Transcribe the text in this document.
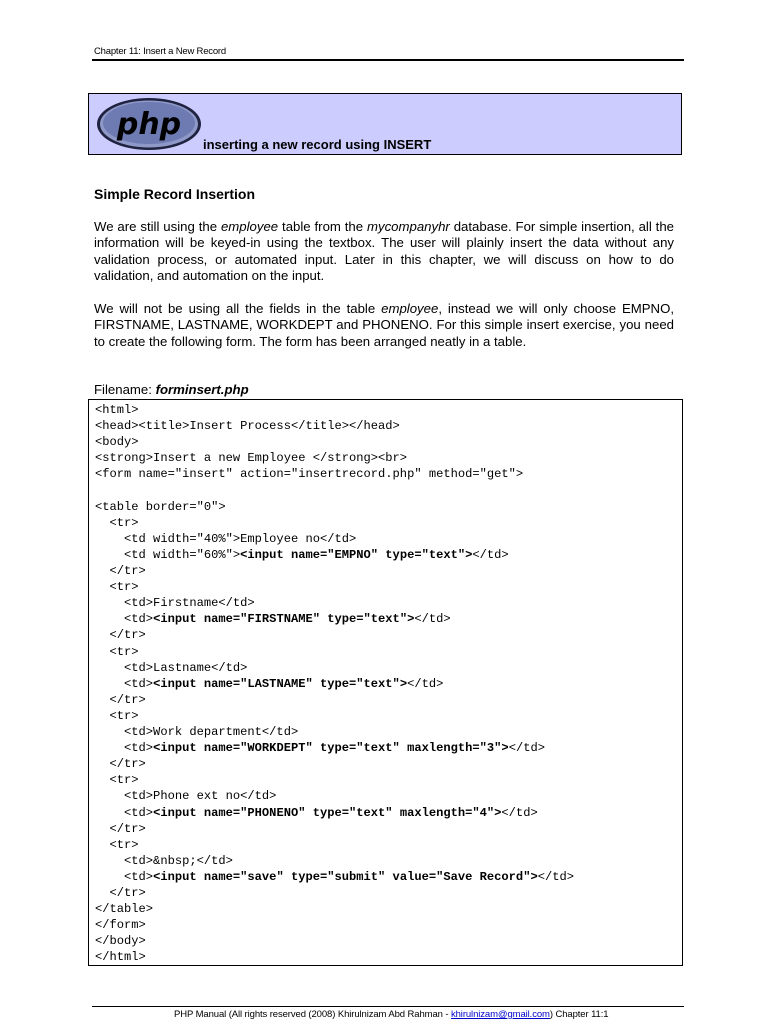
Chapter 11: Insert a New Record
php
inserting a new record using INSERT
Simple Record Insertion

We are still using the employee table from the mycompanyhr database. For simple insertion, all the information will be keyed-in using the textbox. The user will plainly insert the data without any validation process, or automated input. Later in this chapter, we will discuss on how to do validation, and automation on the input.

We will not be using all the fields in the table employee, instead we will only choose EMPNO, FIRSTNAME, LASTNAME, WORKDEPT and PHONENO. For this simple insert exercise, you need to create the following form. The form has been arranged neatly in a table.

Filename: forminsert.php
<html>
<head><title>Insert Process</title></head>
<body>
<strong>Insert a new Employee </strong><br>
<form name="insert" action="insertrecord.php" method="get">
<table border="0">
<tr>
<td width="40%">Employee no</td>
<td width="60%"><input name="EMPNO" type="text"></td>
</tr>
<tr>
<td>Firstname</td>
<td><input name="FIRSTNAME" type="text"></td>
</tr>
<tr>
<td>Lastname</td>
<td><input name="LASTNAME" type="text"></td>
</tr>
<tr>
<td>Work department</td>
<td><input name="WORKDEPT" type="text" maxlength="3"></td>
</tr>
<tr>
<td>Phone ext no</td>
<td><input name="PHONENO" type="text" maxlength="4"></td>
</tr>
<tr>
<td>&nbsp;</td>
<td><input name="save" type="submit" value="Save Record"></td>
</tr>
</table>
</form>
</body>
</html>
PHP Manual (All rights reserved (2008) Khirulnizam Abd Rahman - khirulnizam@gmail.com) Chapter 11:1
